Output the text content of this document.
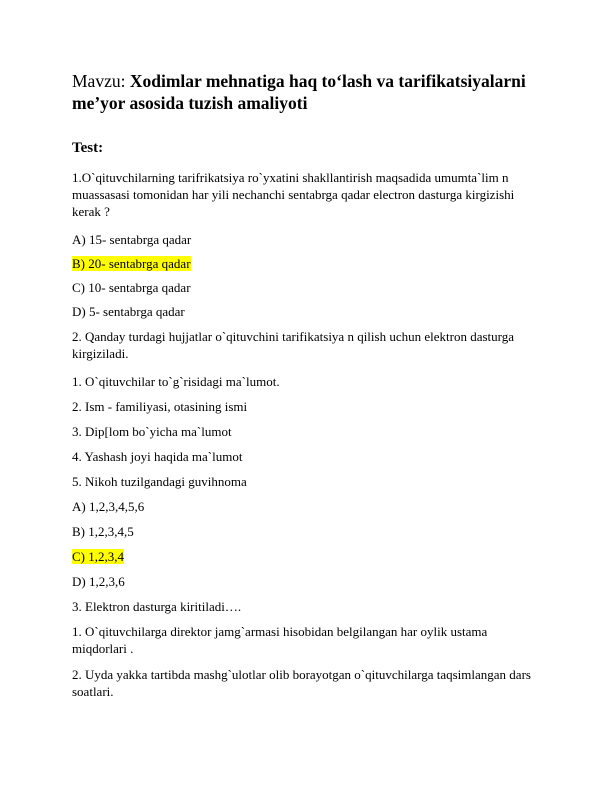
Mavzu: Xodimlar mehnatiga haq to‘lash va tarifikatsiyalarni me’yor asosida tuzish amaliyoti
Test:
1.O`qituvchilarning tarifrikatsiya ro`yxatini shakllantirish maqsadida umumta`lim n muassasasi tomonidan har yili nechanchi sentabrga qadar electron dasturga kirgizishi kerak ?
A) 15- sentabrga qadar
B) 20- sentabrga qadar
C) 10- sentabrga qadar
D) 5- sentabrga qadar
2. Qanday turdagi hujjatlar o`qituvchini tarifikatsiya n qilish uchun elektron dasturga kirgiziladi.
1. O`qituvchilar to`g`risidagi ma`lumot.
2. Ism - familiyasi, otasining ismi
3. Dip[lom bo`yicha ma`lumot
4. Yashash joyi haqida ma`lumot
5. Nikoh tuzilgandagi guvihnoma
A) 1,2,3,4,5,6
B) 1,2,3,4,5
C) 1,2,3,4
D) 1,2,3,6
3. Elektron dasturga kiritiladi….
1. O`qituvchilarga direktor jamg`armasi hisobidan belgilangan har oylik ustama miqdorlari .
2. Uyda yakka tartibda mashg`ulotlar olib borayotgan o`qituvchilarga taqsimlangan dars soatlari.
